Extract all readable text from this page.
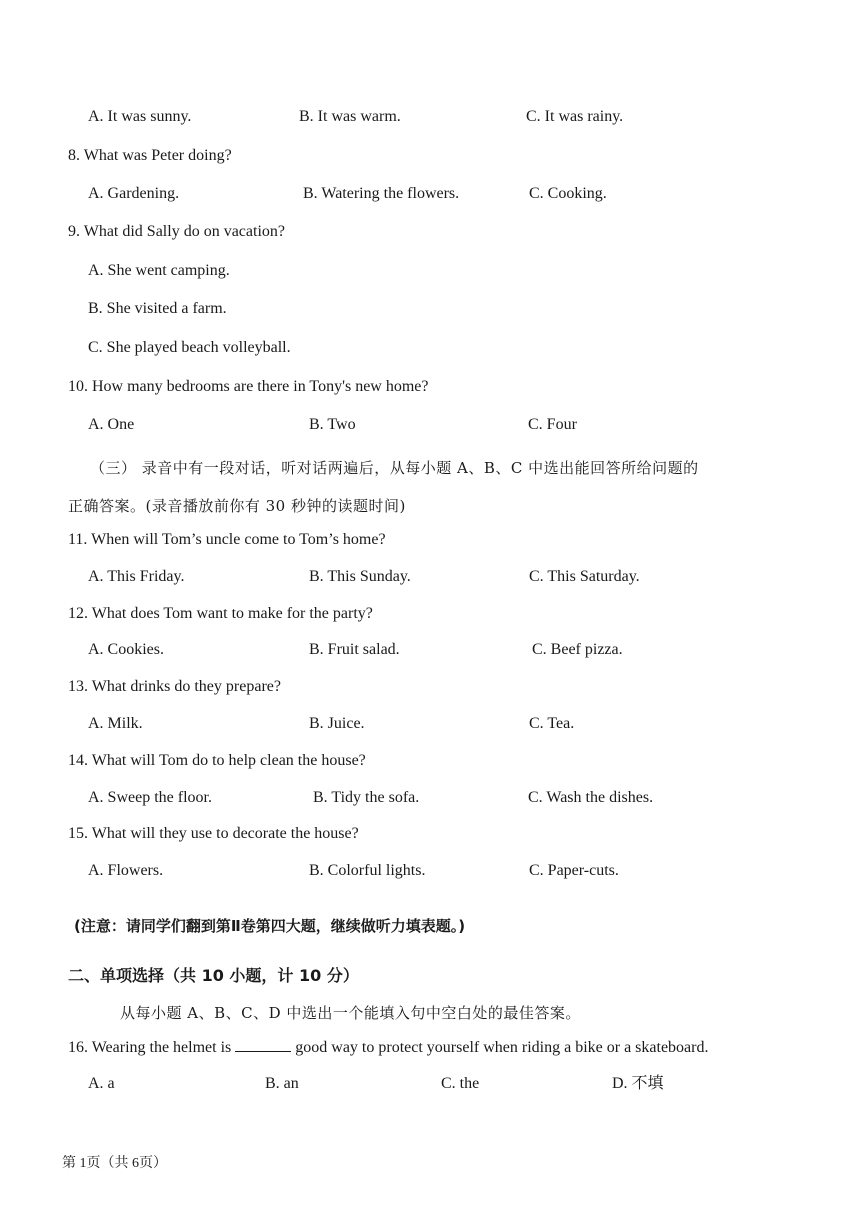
A. It was sunny.	B. It was warm.	C. It was rainy.
8. What was Peter doing?
A. Gardening.	B. Watering the flowers.	C. Cooking.
9. What did Sally do on vacation?
A. She went camping.
B. She visited a farm.
C. She played beach volleyball.
10. How many bedrooms are there in Tony's new home?
A. One	B. Two	C. Four
（三） 录音中有一段对话，听对话两遍后，从每小题 A、B、C 中选出能回答所给问题的
正确答案。(录音播放前你有 30 秒钟的读题时间)
11. When will Tom’s uncle come to Tom’s home?
A. This Friday.	B. This Sunday.	C. This Saturday.
12. What does Tom want to make for the party?
A. Cookies.	B. Fruit salad.	C. Beef pizza.
13. What drinks do they prepare?
A. Milk.	B. Juice.	C. Tea.
14. What will Tom do to help clean the house?
A. Sweep the floor.	B. Tidy the sofa.	C. Wash the dishes.
15. What will they use to decorate the house?
A. Flowers.	B. Colorful lights.	C. Paper-cuts.
(注意：请同学们翻到第Ⅱ卷第四大题，继续做听力填表题。)
二、单项选择（共 10 小题，计 10 分）
从每小题 A、B、C、D 中选出一个能填入句中空白处的最佳答案。
16. Wearing the helmet is	good way to protect yourself when riding a bike or a skateboard.
A. a	B. an	C. the	D. 不填
第 1页（共 6页）
